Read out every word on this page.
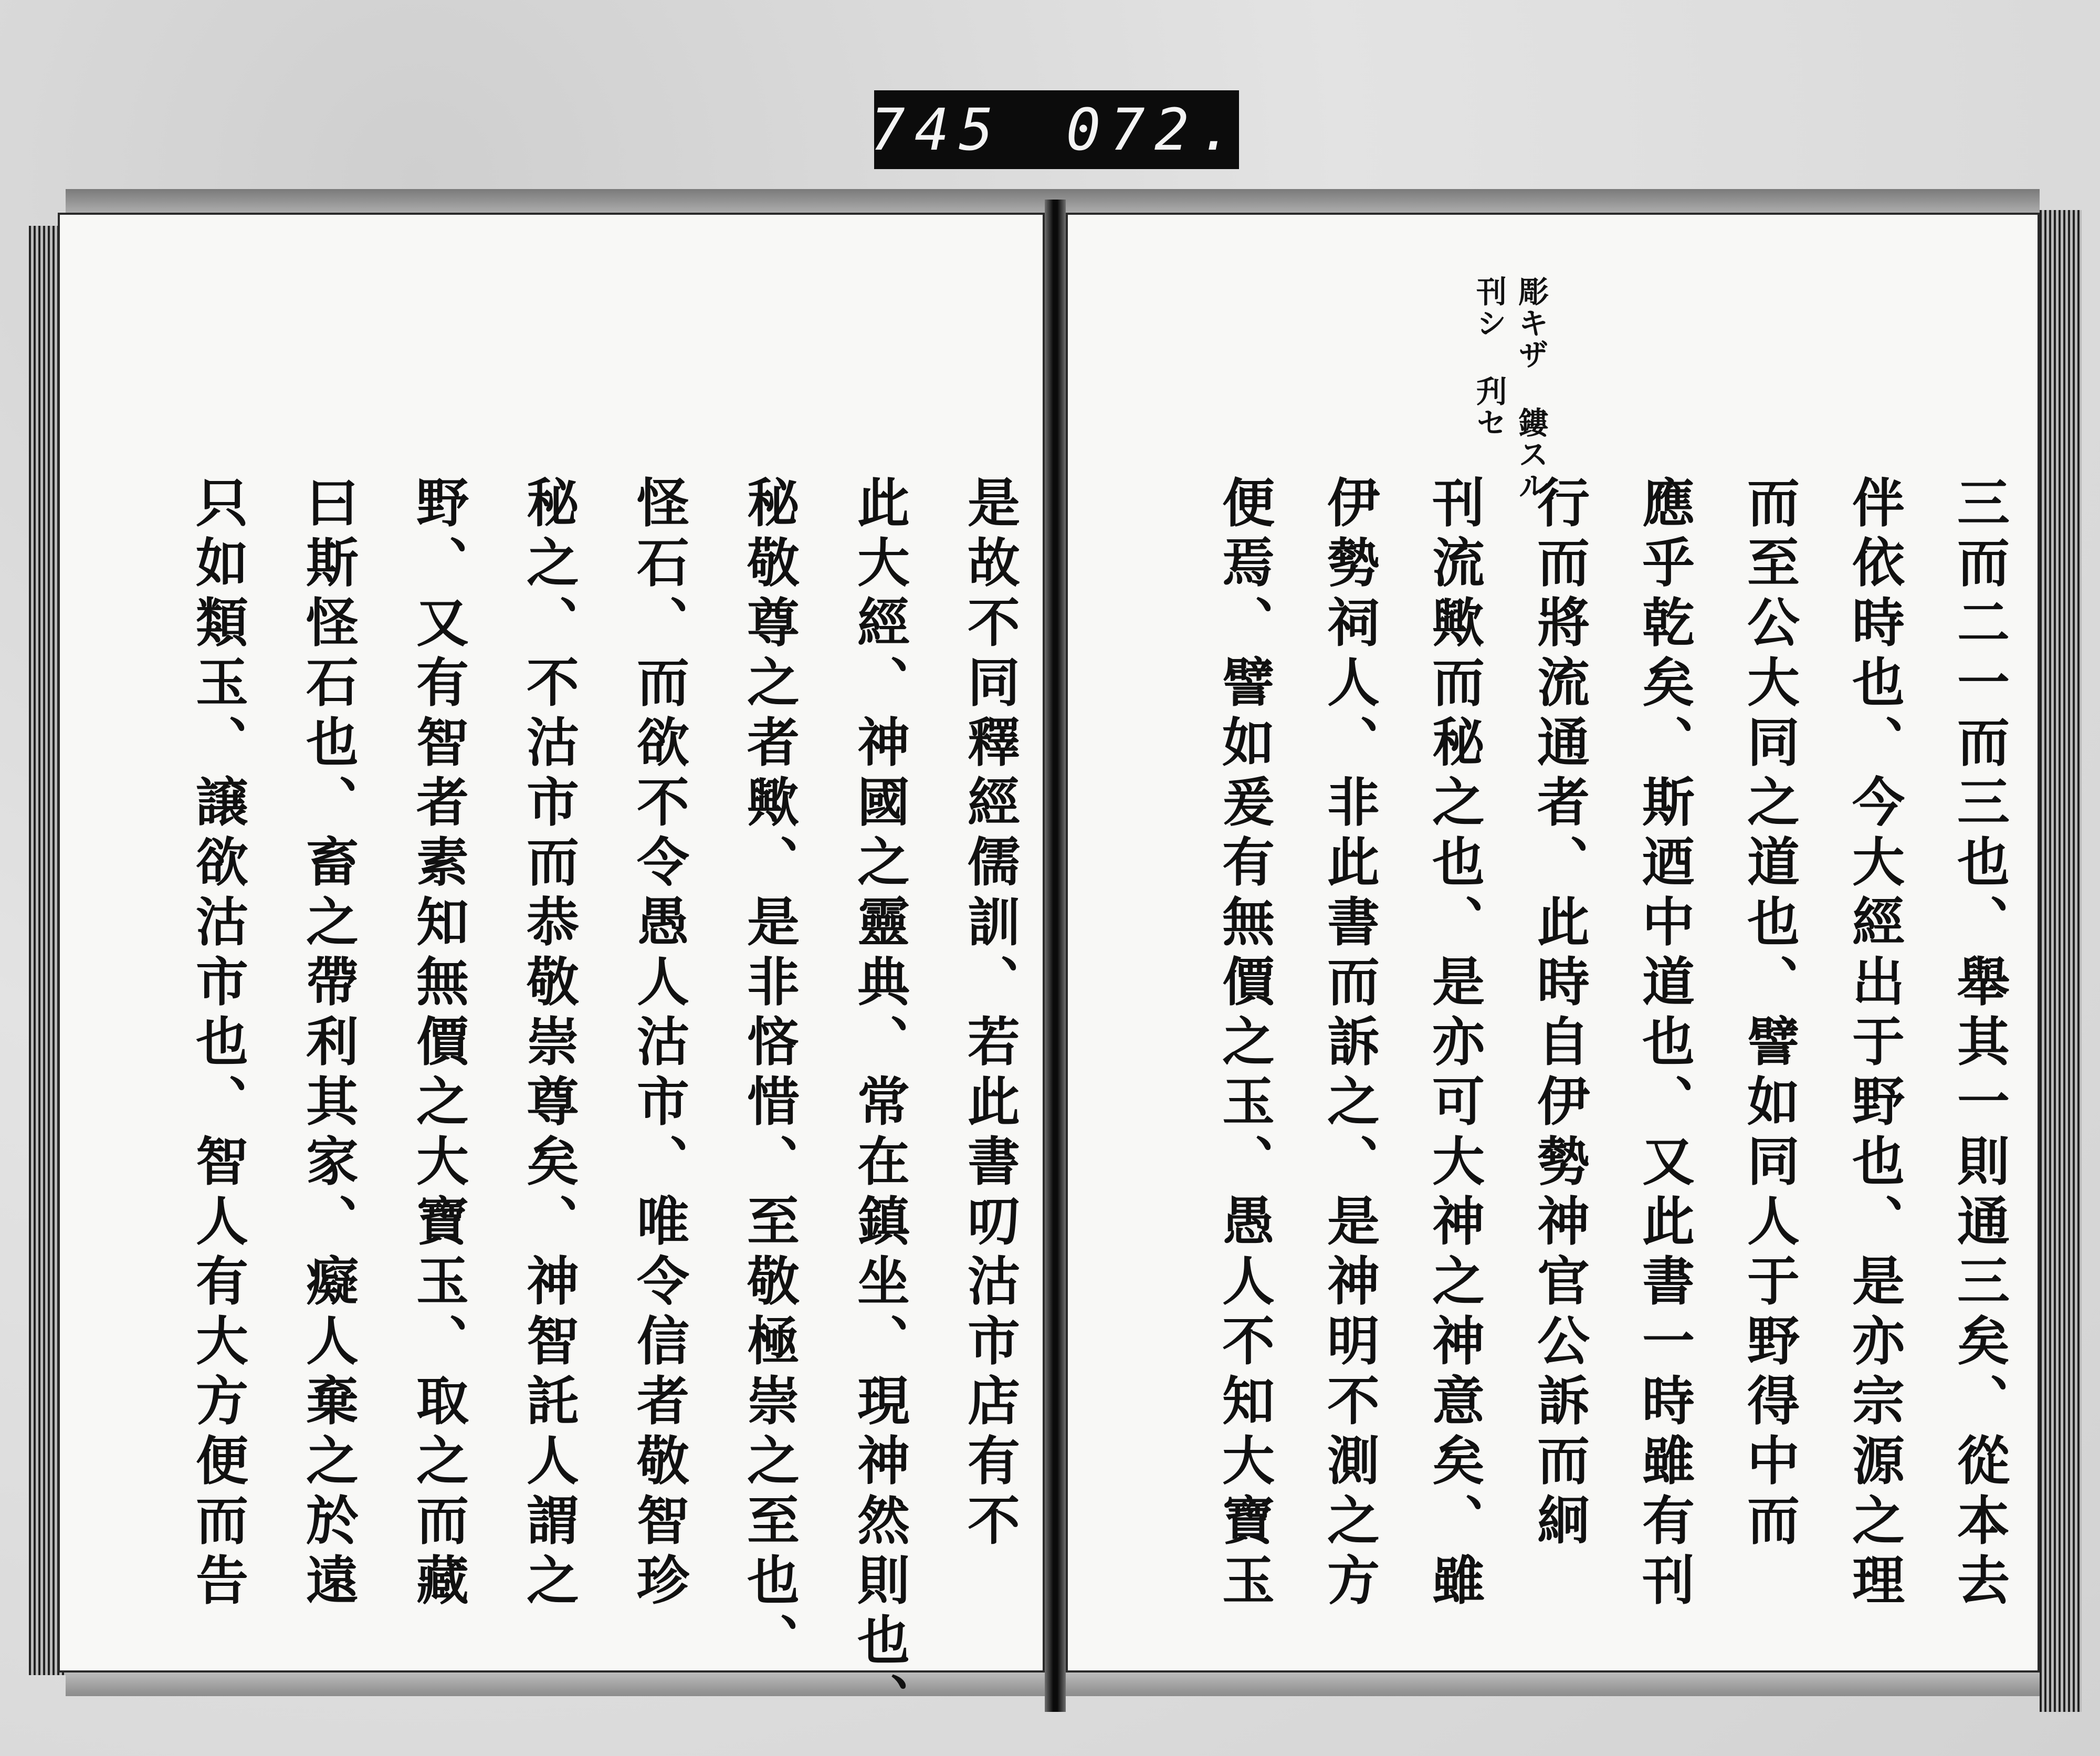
745 072.
只如類玉、譲欲沽市也、智人有大方便而告 曰斯怪石也、畜之帶利其家、癡人棄之於遠 野、又有智者素知無價之大寶玉、取之而藏 秘之、不沽市而恭敬崇尊矣、神智託人謂之 怪石、而欲不令愚人沽市、唯令信者敬智珍 秘敬尊之者歟、是非悋惜、至敬極崇之至也、 此大經、神國之靈典、常在鎮坐、現神然則也、 是故不同釋經儒訓、若此書叨沽市店有不
刊シ 刋セ 彫キザ 鏤スル
三而二一而三也、舉其一則通三矣、從本去
伴依時也、今大經出于野也、是亦宗源之理
而至公大同之道也、譬如同人于野得中而
應乎乾矣、斯迺中道也、又此書一時雖有刊
行而將流通者、此時自伊勢神官公訴而絅
刊流歟而秘之也、是亦可大神之神意矣、雖
伊勢祠人、非此書而訴之、是神明不測之方
便焉、譬如爰有無價之玉、愚人不知大寶玉
